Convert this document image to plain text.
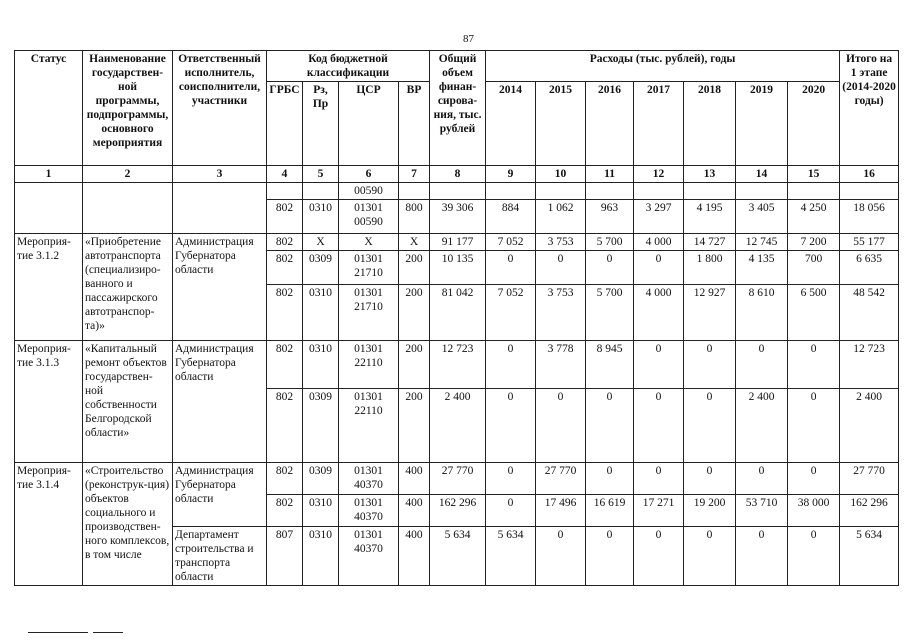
87
Статус	Наименование государствен-ной программы, подпрограммы, основного мероприятия	Ответственный исполнитель, соисполнители, участники	Код бюджетной классификации				Общий объем финан-сирова-ния, тыс. рублей	Расходы (тыс. рублей), годы							Итого на 1 этапе (2014-2020 годы)
			ГРБС	Рз, Пр	ЦСР	ВР		2014	2015	2016	2017	2018	2019	2020	
1	2	3	4	5	6	7	8	9	10	11	12	13	14	15	16
					00590										
			802	0310	01301 00590	800	39 306	884	1 062	963	3 297	4 195	3 405	4 250	18 056
Мероприя-тие 3.1.2	«Приобретение автотранспорта (специализиро-ванного и пассажирского автотранспор-та)»	Администрация Губернатора области	802	Х	Х	Х	91 177	7 052	3 753	5 700	4 000	14 727	12 745	7 200	55 177
			802	0309	01301 21710	200	10 135	0	0	0	0	1 800	4 135	700	6 635
			802	0310	01301 21710	200	81 042	7 052	3 753	5 700	4 000	12 927	8 610	6 500	48 542
Мероприя-тие 3.1.3	«Капитальный ремонт объектов государствен-ной собственности Белгородской области»	Администрация Губернатора области	802	0310	01301 22110	200	12 723	0	3 778	8 945	0	0	0	0	12 723
			802	0309	01301 22110	200	2 400	0	0	0	0	0	2 400	0	2 400
Мероприя-тие 3.1.4	«Строительство (реконструк-ция) объектов социального и производствен-ного комплексов, в том числе	Администрация Губернатора области	802	0309	01301 40370	400	27 770	0	27 770	0	0	0	0	0	27 770
			802	0310	01301 40370	400	162 296	0	17 496	16 619	17 271	19 200	53 710	38 000	162 296
		Департамент строительства и транспорта области	807	0310	01301 40370	400	5 634	5 634	0	0	0	0	0	0	5 634
